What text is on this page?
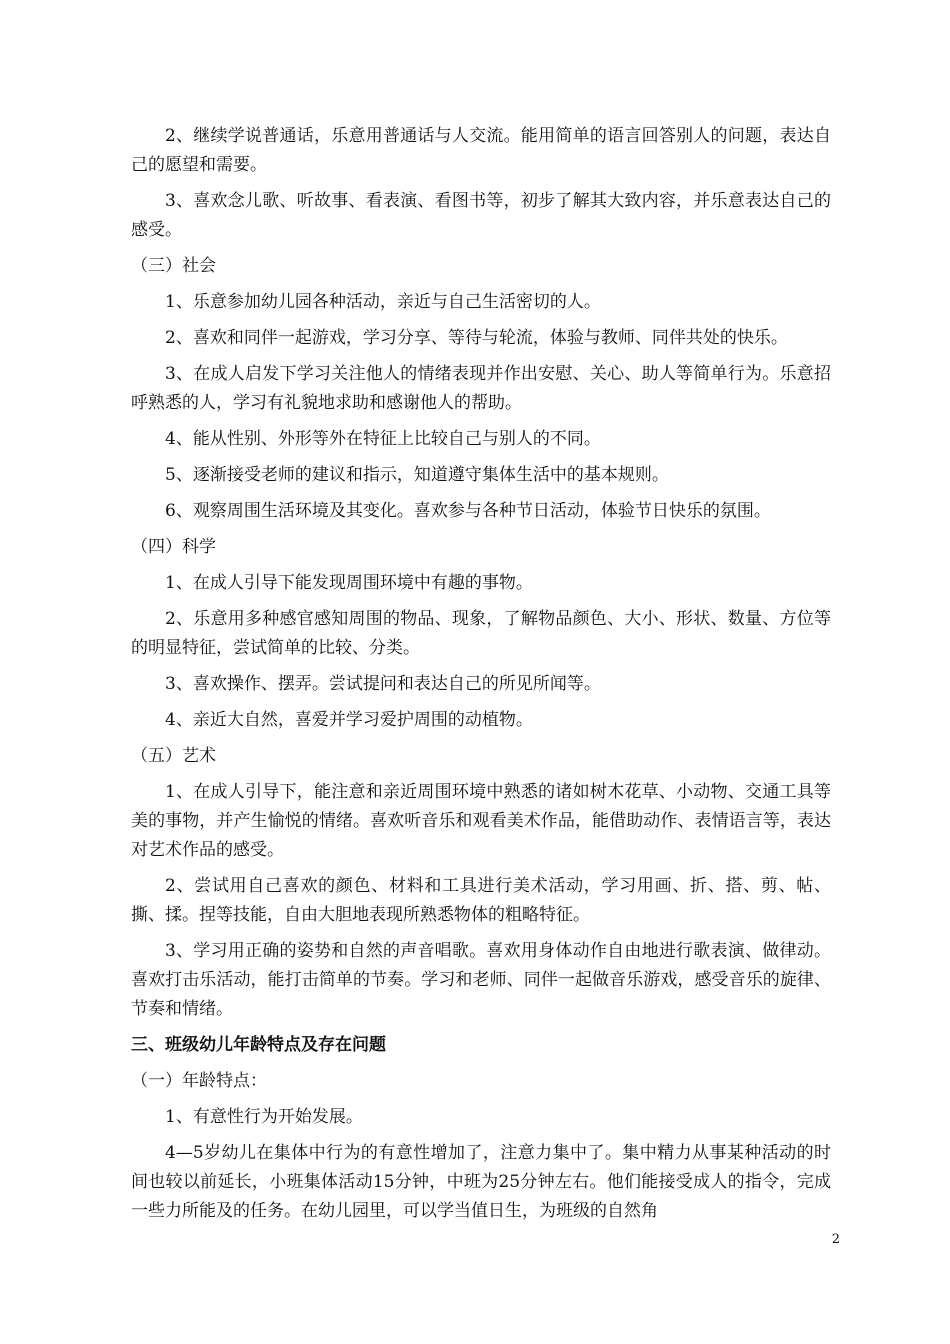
2、继续学说普通话，乐意用普通话与人交流。能用简单的语言回答别人的问题，表达自己的愿望和需要。

3、喜欢念儿歌、听故事、看表演、看图书等，初步了解其大致内容，并乐意表达自己的感受。

（三）社会

1、乐意参加幼儿园各种活动，亲近与自己生活密切的人。

2、喜欢和同伴一起游戏，学习分享、等待与轮流，体验与教师、同伴共处的快乐。

3、在成人启发下学习关注他人的情绪表现并作出安慰、关心、助人等简单行为。乐意招呼熟悉的人，学习有礼貌地求助和感谢他人的帮助。

4、能从性别、外形等外在特征上比较自己与别人的不同。

5、逐渐接受老师的建议和指示，知道遵守集体生活中的基本规则。

6、观察周围生活环境及其变化。喜欢参与各种节日活动，体验节日快乐的氛围。

（四）科学

1、在成人引导下能发现周围环境中有趣的事物。

2、乐意用多种感官感知周围的物品、现象，了解物品颜色、大小、形状、数量、方位等的明显特征，尝试简单的比较、分类。

3、喜欢操作、摆弄。尝试提问和表达自己的所见所闻等。

4、亲近大自然，喜爱并学习爱护周围的动植物。

（五）艺术

1、在成人引导下，能注意和亲近周围环境中熟悉的诸如树木花草、小动物、交通工具等美的事物，并产生愉悦的情绪。喜欢听音乐和观看美术作品，能借助动作、表情语言等，表达对艺术作品的感受。

2、尝试用自己喜欢的颜色、材料和工具进行美术活动，学习用画、折、搭、剪、帖、撕、揉。捏等技能，自由大胆地表现所熟悉物体的粗略特征。

3、学习用正确的姿势和自然的声音唱歌。喜欢用身体动作自由地进行歌表演、做律动。喜欢打击乐活动，能打击简单的节奏。学习和老师、同伴一起做音乐游戏，感受音乐的旋律、节奏和情绪。

三、班级幼儿年龄特点及存在问题

（一）年龄特点：

1、有意性行为开始发展。

4—5岁幼儿在集体中行为的有意性增加了，注意力集中了。集中精力从事某种活动的时间也较以前延长，小班集体活动15分钟，中班为25分钟左右。他们能接受成人的指令，完成一些力所能及的任务。在幼儿园里，可以学当值日生，为班级的自然角

2
